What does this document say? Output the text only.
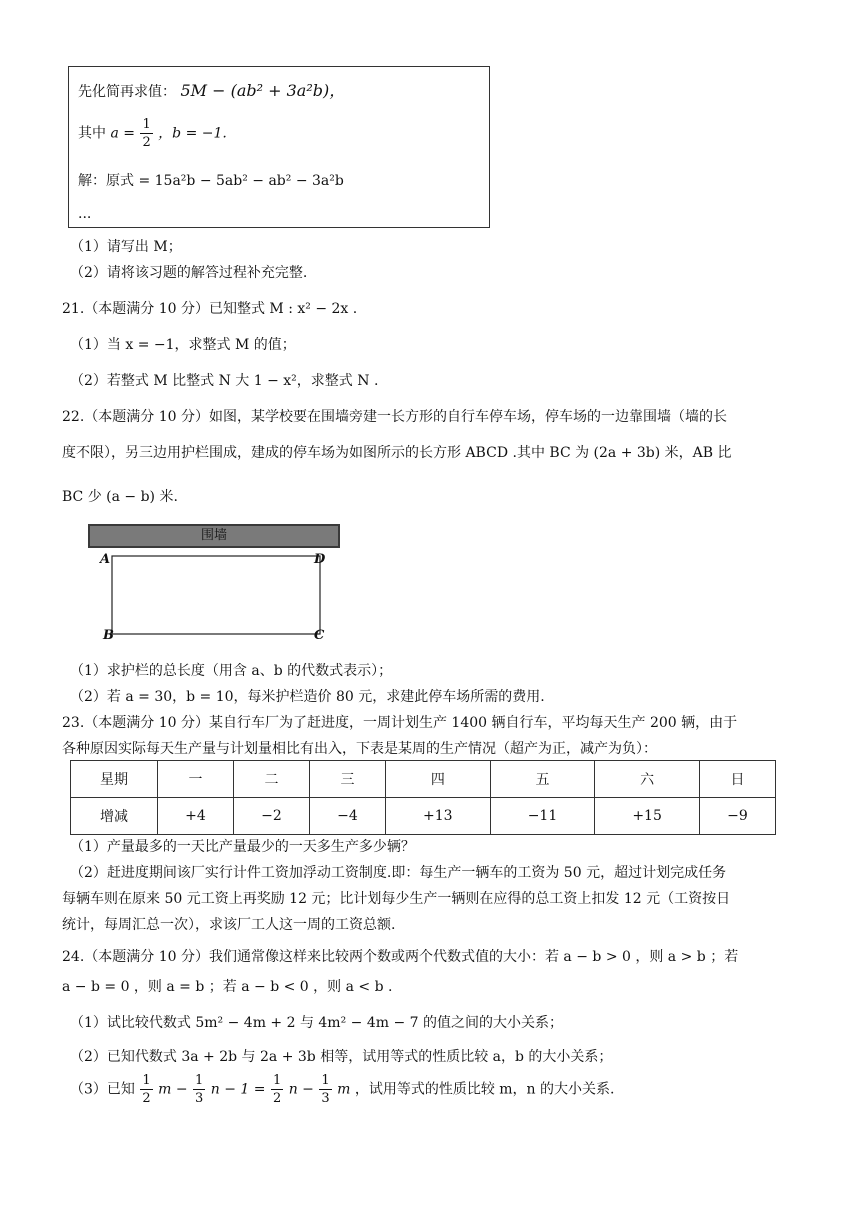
先化简再求值： 5M − (ab² + 3a²b)，
其中 $a = \frac{1}{2}$ ，b = −1.
解：原式 = 15a²b − 5ab² − ab² − 3a²b
...
（1）请写出 M；
（2）请将该习题的解答过程补充完整.
21.（本题满分 10 分）已知整式 M : x² − 2x .
（1）当 x = −1，求整式 M 的值；
（2）若整式 M 比整式 N 大 1 − x²，求整式 N .
22.（本题满分 10 分）如图，某学校要在围墙旁建一长方形的自行车停车场，停车场的一边靠围墙（墙的长
度不限），另三边用护栏围成，建成的停车场为如图所示的长方形 ABCD .其中 BC 为 (2a + 3b) 米，AB 比
BC 少 (a − b) 米.
围墙
A	D
B	C
（1）求护栏的总长度（用含 a、b 的代数式表示）；
（2）若 a = 30，b = 10，每米护栏造价 80 元，求建此停车场所需的费用.
23.（本题满分 10 分）某自行车厂为了赶进度，一周计划生产 1400 辆自行车，平均每天生产 200 辆，由于
各种原因实际每天生产量与计划量相比有出入，下表是某周的生产情况（超产为正，减产为负）：
星期	一	二	三	四	五	六	日
增减	+4	−2	−4	+13	−11	+15	−9
（1）产量最多的一天比产量最少的一天多生产多少辆？
（2）赶进度期间该厂实行计件工资加浮动工资制度.即：每生产一辆车的工资为 50 元，超过计划完成任务
每辆车则在原来 50 元工资上再奖励 12 元；比计划每少生产一辆则在应得的总工资上扣发 12 元（工资按日
统计，每周汇总一次），求该厂工人这一周的工资总额.
24.（本题满分 10 分）我们通常像这样来比较两个数或两个代数式值的大小：若 a − b > 0 ，则 a > b ；若
a − b = 0 ，则 a = b ；若 a − b < 0 ，则 a < b .
（1）试比较代数式 5m² − 4m + 2 与 4m² − 4m − 7 的值之间的大小关系；
（2）已知代数式 3a + 2b 与 2a + 3b 相等，试用等式的性质比较 a，b 的大小关系；
（3）已知 $\frac{1}{2}$ $m - \frac{1}{3}$ $n - 1 = \frac{1}{2}$ $n - \frac{1}{3}$ m ，试用等式的性质比较 m，n 的大小关系.
